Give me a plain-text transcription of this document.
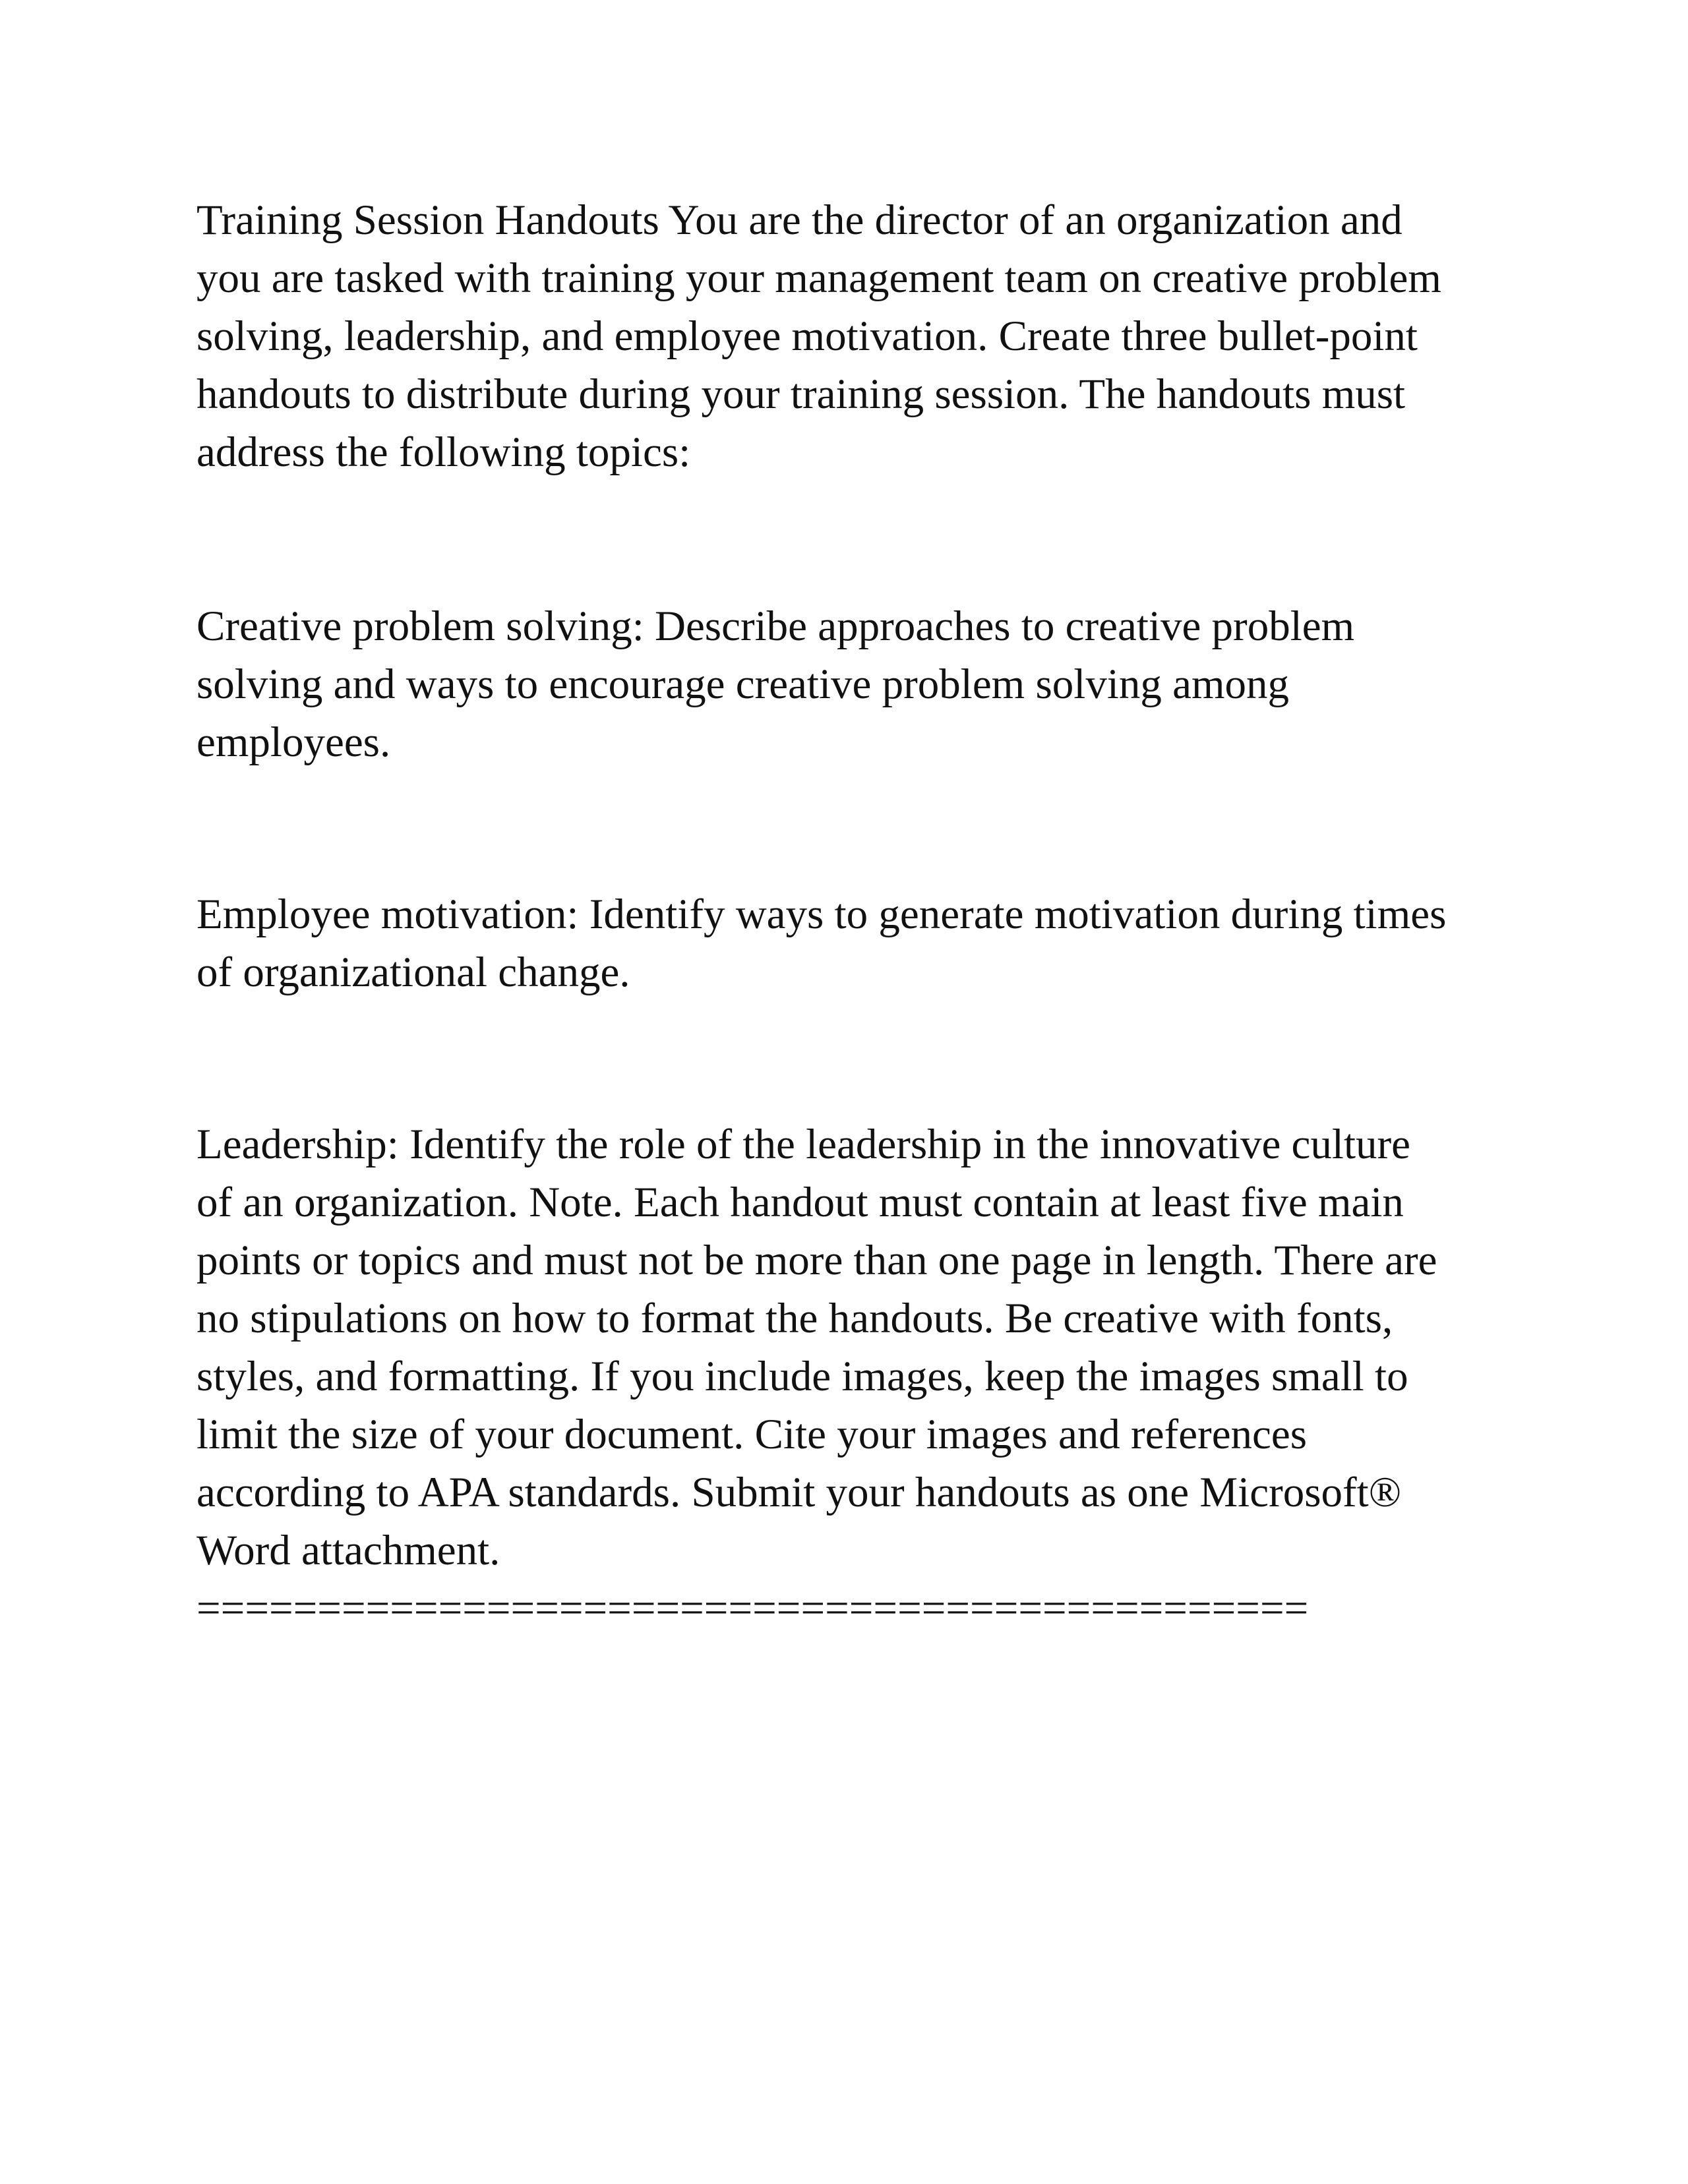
Training Session Handouts You are the director of an organization and
you are tasked with training your management team on creative problem
solving, leadership, and employee motivation. Create three bullet-point
handouts to distribute during your training session. The handouts must
address the following topics:

Creative problem solving: Describe approaches to creative problem
solving and ways to encourage creative problem solving among
employees.

Employee motivation: Identify ways to generate motivation during times
of organizational change.

Leadership: Identify the role of the leadership in the innovative culture
of an organization. Note. Each handout must contain at least five main
points or topics and must not be more than one page in length. There are
no stipulations on how to format the handouts. Be creative with fonts,
styles, and formatting. If you include images, keep the images small to
limit the size of your document. Cite your images and references
according to APA standards. Submit your handouts as one Microsoft®
Word attachment.

==============================================
